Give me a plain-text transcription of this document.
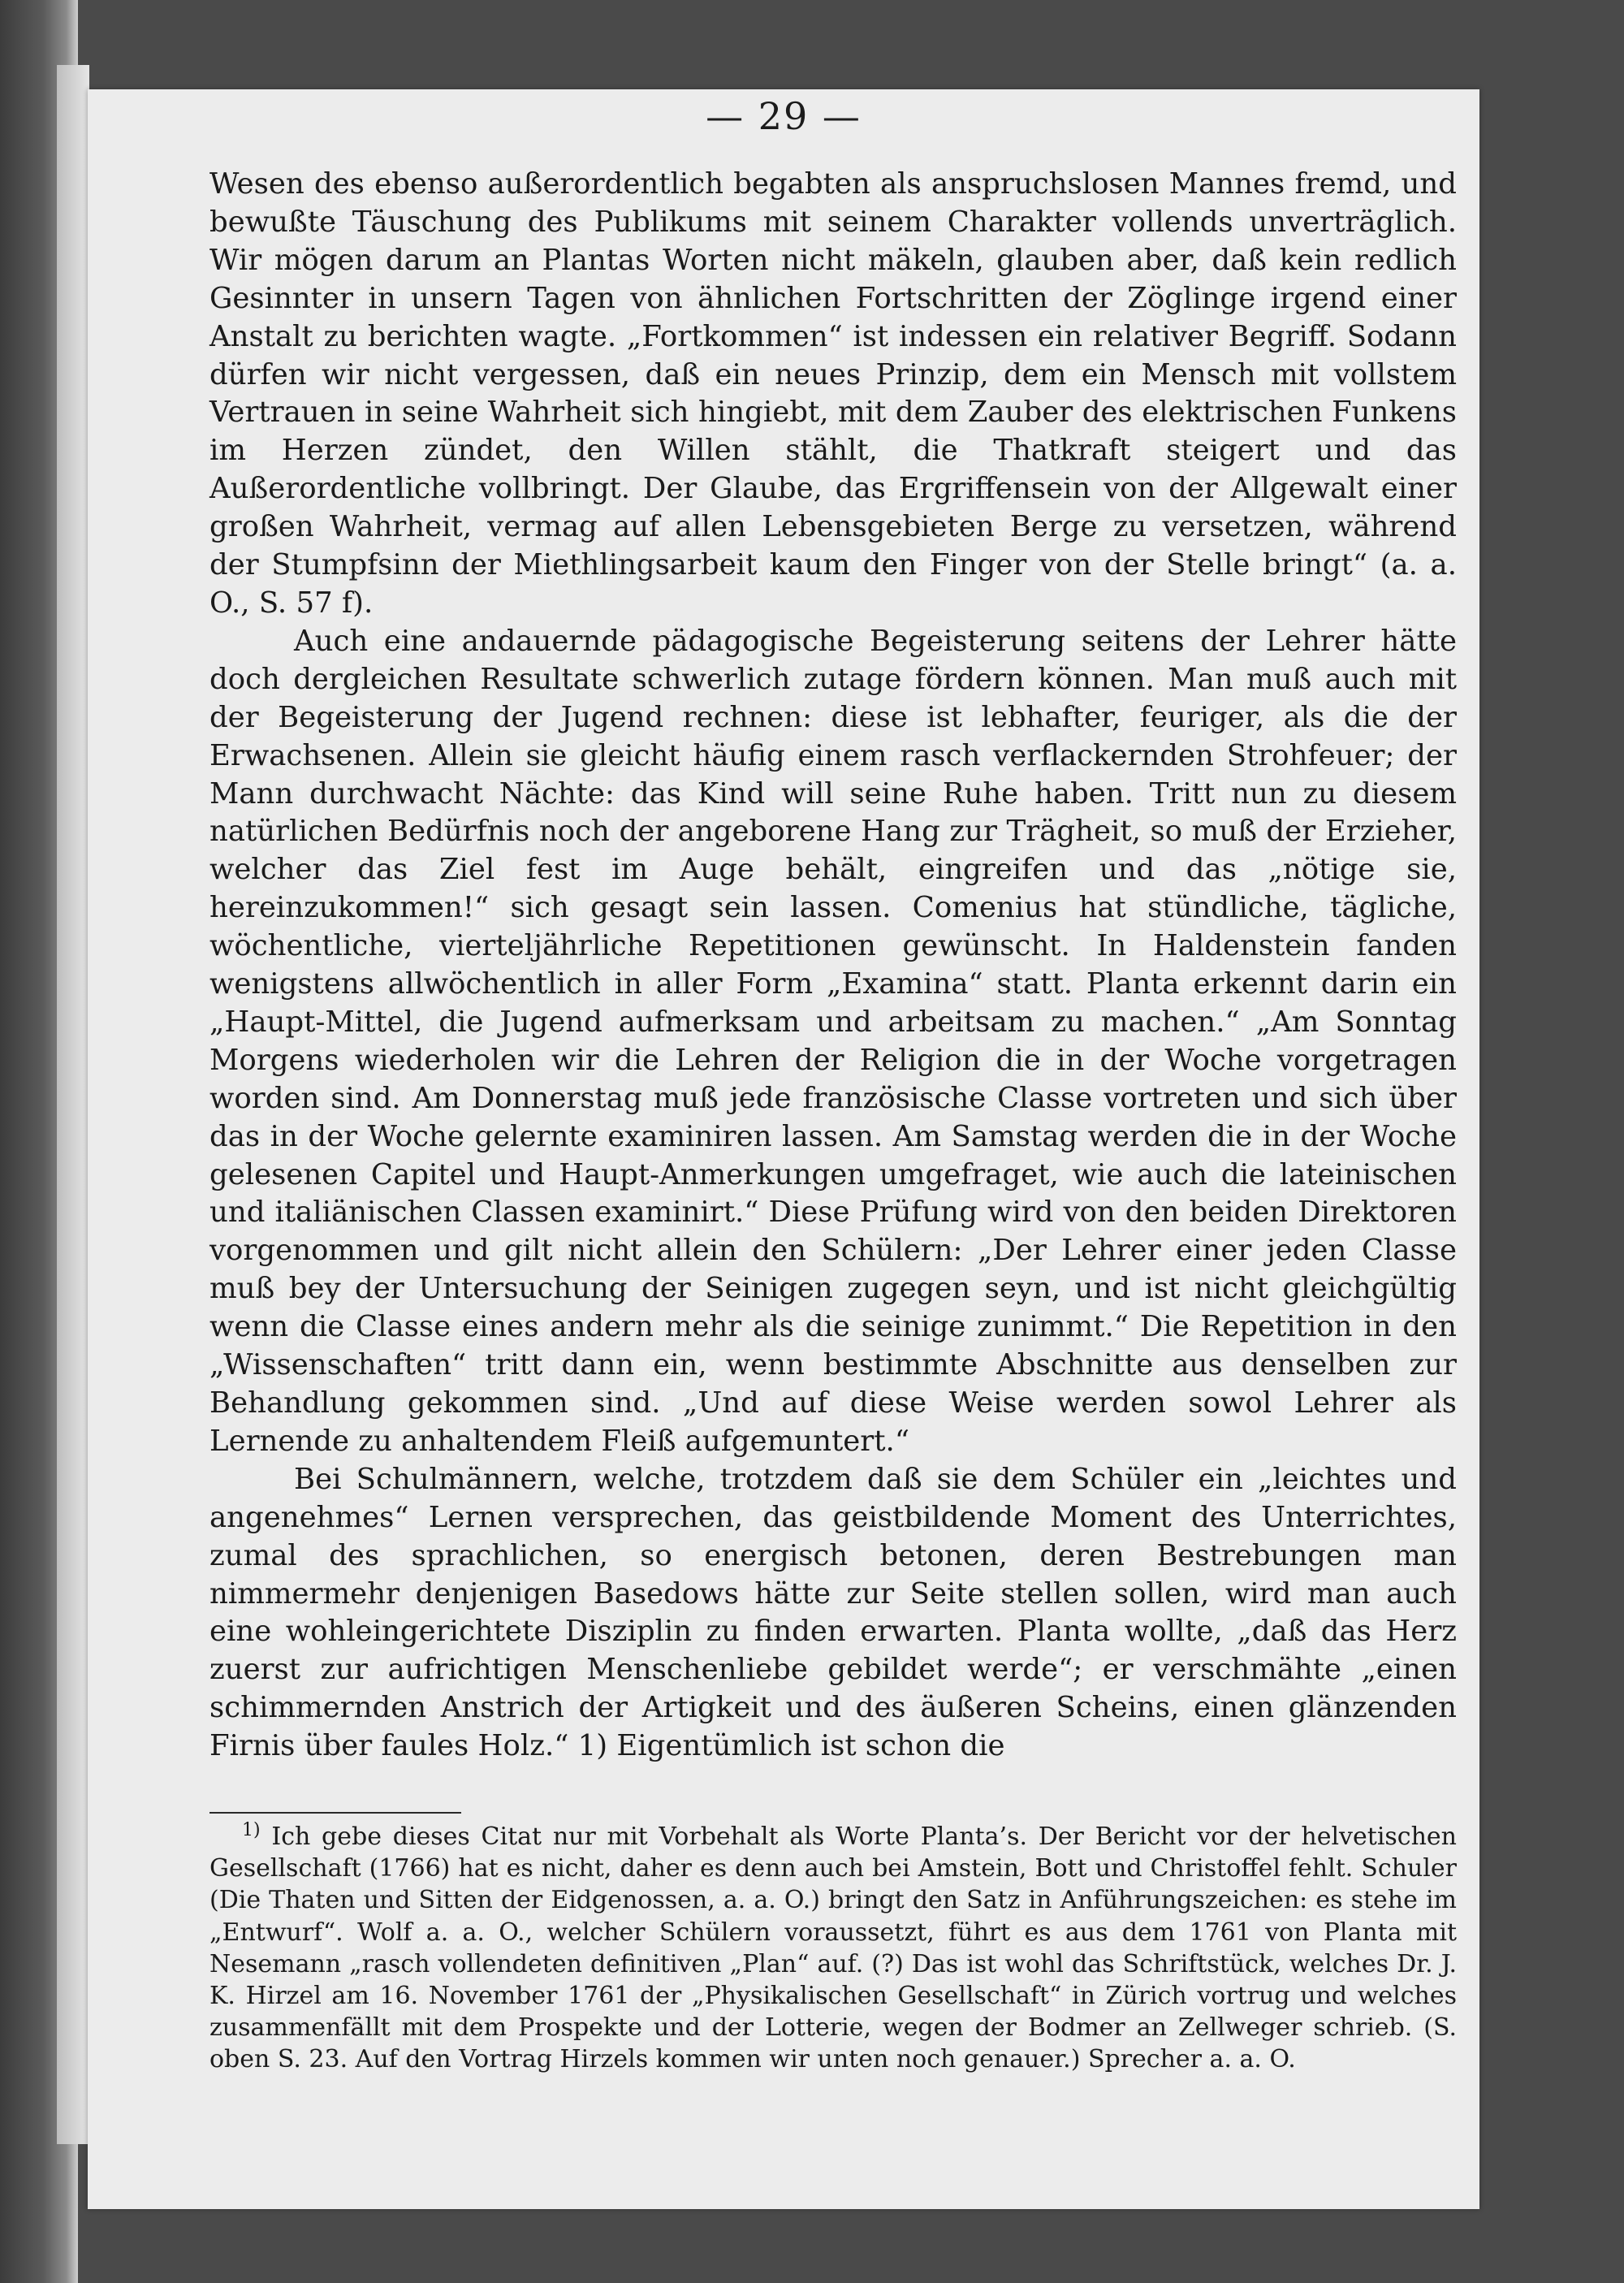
— 29 —

Wesen des ebenso außerordentlich begabten als anspruchslosen Mannes fremd, und bewußte Täuschung des Publikums mit seinem Charakter vollends unverträglich. Wir mögen darum an Plantas Worten nicht mäkeln, glauben aber, daß kein redlich Gesinnter in unsern Tagen von ähnlichen Fortschritten der Zöglinge irgend einer Anstalt zu berichten wagte. „Fortkommen“ ist indessen ein relativer Begriff. Sodann dürfen wir nicht vergessen, daß ein neues Prinzip, dem ein Mensch mit vollstem Vertrauen in seine Wahrheit sich hingiebt, mit dem Zauber des elektrischen Funkens im Herzen zündet, den Willen stählt, die Thatkraft steigert und das Außerordentliche vollbringt. Der Glaube, das Ergriffensein von der Allgewalt einer großen Wahrheit, vermag auf allen Lebensgebieten Berge zu versetzen, während der Stumpfsinn der Miethlingsarbeit kaum den Finger von der Stelle bringt“ (a. a. O., S. 57 f).

Auch eine andauernde pädagogische Begeisterung seitens der Lehrer hätte doch dergleichen Resultate schwerlich zutage fördern können. Man muß auch mit der Begeisterung der Jugend rechnen: diese ist lebhafter, feuriger, als die der Erwachsenen. Allein sie gleicht häufig einem rasch verflackernden Strohfeuer; der Mann durchwacht Nächte: das Kind will seine Ruhe haben. Tritt nun zu diesem natürlichen Bedürfnis noch der angeborene Hang zur Trägheit, so muß der Erzieher, welcher das Ziel fest im Auge behält, eingreifen und das „nötige sie, hereinzukommen!“ sich gesagt sein lassen. Comenius hat stündliche, tägliche, wöchentliche, vierteljährliche Repetitionen gewünscht. In Haldenstein fanden wenigstens allwöchentlich in aller Form „Examina“ statt. Planta erkennt darin ein „Haupt-Mittel, die Jugend aufmerksam und arbeitsam zu machen.“ „Am Sonntag Morgens wiederholen wir die Lehren der Religion die in der Woche vorgetragen worden sind. Am Donnerstag muß jede französische Classe vortreten und sich über das in der Woche gelernte examiniren lassen. Am Samstag werden die in der Woche gelesenen Capitel und Haupt-Anmerkungen umgefraget, wie auch die lateinischen und italiänischen Classen examinirt.“ Diese Prüfung wird von den beiden Direktoren vorgenommen und gilt nicht allein den Schülern: „Der Lehrer einer jeden Classe muß bey der Untersuchung der Seinigen zugegen seyn, und ist nicht gleichgültig wenn die Classe eines andern mehr als die seinige zunimmt.“ Die Repetition in den „Wissenschaften“ tritt dann ein, wenn bestimmte Abschnitte aus denselben zur Behandlung gekommen sind. „Und auf diese Weise werden sowol Lehrer als Lernende zu anhaltendem Fleiß aufgemuntert.“

Bei Schulmännern, welche, trotzdem daß sie dem Schüler ein „leichtes und angenehmes“ Lernen versprechen, das geistbildende Moment des Unterrichtes, zumal des sprachlichen, so energisch betonen, deren Bestrebungen man nimmermehr denjenigen Basedows hätte zur Seite stellen sollen, wird man auch eine wohleingerichtete Disziplin zu finden erwarten. Planta wollte, „daß das Herz zuerst zur aufrichtigen Menschenliebe gebildet werde“; er verschmähte „einen schimmernden Anstrich der Artigkeit und des äußeren Scheins, einen glänzenden Firnis über faules Holz.“ 1) Eigentümlich ist schon die

$^{1)}$ Ich gebe dieses Citat nur mit Vorbehalt als Worte Planta’s. Der Bericht vor der helvetischen Gesellschaft (1766) hat es nicht, daher es denn auch bei Amstein, Bott und Christoffel fehlt. Schuler (Die Thaten und Sitten der Eidgenossen, a. a. O.) bringt den Satz in Anführungszeichen: es stehe im „Entwurf“. Wolf a. a. O., welcher Schülern voraussetzt, führt es aus dem 1761 von Planta mit Nesemann „rasch vollendeten definitiven „Plan“ auf. (?) Das ist wohl das Schriftstück, welches Dr. J. K. Hirzel am 16. November 1761 der „Physikalischen Gesellschaft“ in Zürich vortrug und welches zusammenfällt mit dem Prospekte und der Lotterie, wegen der Bodmer an Zellweger schrieb. (S. oben S. 23. Auf den Vortrag Hirzels kommen wir unten noch genauer.) Sprecher a. a. O.
